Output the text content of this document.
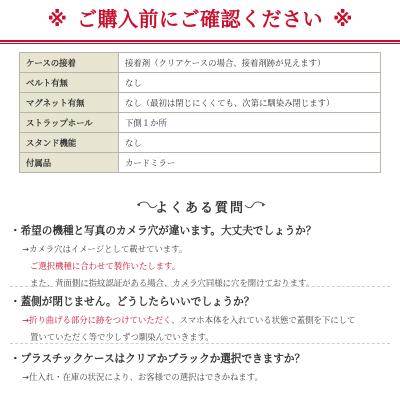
※ ご購入前にご確認ください ※
ケースの接着	接着剤（クリアケースの場合、接着剤跡が見えます）
ベルト有無	なし
マグネット有無	なし（最初は閉じにくくても、次第に馴染み閉じます）
ストラップホール	下側１か所
スタンド機能	なし
付属品	カードミラー
よくある質問
・希望の機種と写真のカメラ穴が違います。大丈夫でしょうか？
→カメラ穴はイメージとして載せています。
ご選択機種に合わせて製作いたします。
また、背面側に指紋認証がある場合、カメラ穴同様に穴を開けております。
・蓋側が閉じません。どうしたらいいでしょうか？
→折り曲げる部分に跡をつけていただく、スマホ本体を入れている状態で蓋側を下にして
置いていただく等で少しずつ馴染んでいきます。
・プラスチックケースはクリアかブラックか選択できますか？
→仕入れ・在庫の状況により、お客様での選択はできかねます。
